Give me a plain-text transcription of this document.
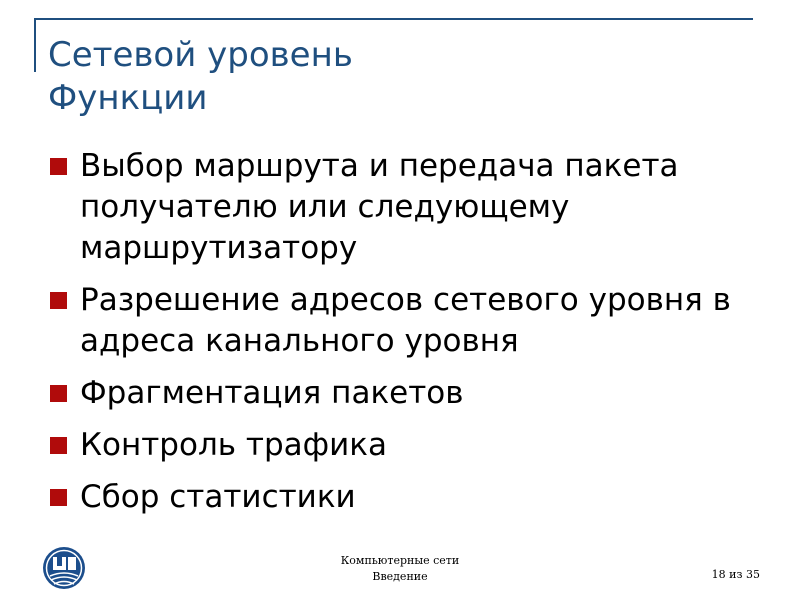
Сетевой уровень
Функции
Выбор маршрута и передача пакета получателю или следующему маршрутизатору
Разрешение адресов сетевого уровня в адреса канального уровня
Фрагментация пакетов
Контроль трафика
Сбор статистики
Компьютерные сети
Введение	18 из 35
